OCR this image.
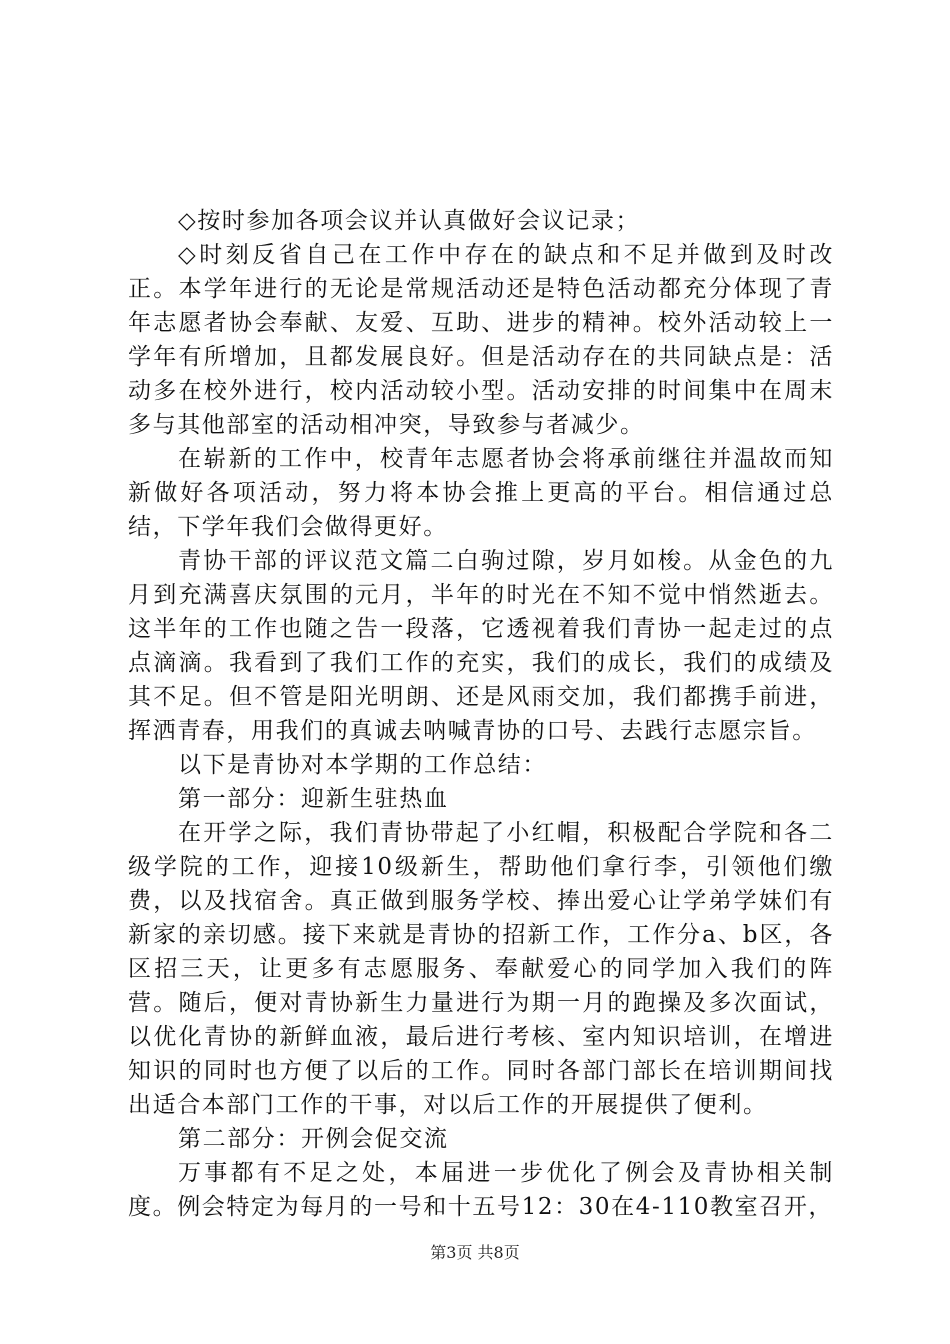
◇按时参加各项会议并认真做好会议记录；

◇时刻反省自己在工作中存在的缺点和不足并做到及时改正。本学年进行的无论是常规活动还是特色活动都充分体现了青年志愿者协会奉献、友爱、互助、进步的精神。校外活动较上一学年有所增加，且都发展良好。但是活动存在的共同缺点是：活动多在校外进行，校内活动较小型。活动安排的时间集中在周末多与其他部室的活动相冲突，导致参与者减少。

在崭新的工作中，校青年志愿者协会将承前继往并温故而知新做好各项活动，努力将本协会推上更高的平台。相信通过总结，下学年我们会做得更好。

青协干部的评议范文篇二白驹过隙，岁月如梭。从金色的九月到充满喜庆氛围的元月，半年的时光在不知不觉中悄然逝去。这半年的工作也随之告一段落，它透视着我们青协一起走过的点点滴滴。我看到了我们工作的充实，我们的成长，我们的成绩及其不足。但不管是阳光明朗、还是风雨交加，我们都携手前进，挥洒青春，用我们的真诚去呐喊青协的口号、去践行志愿宗旨。

以下是青协对本学期的工作总结：

第一部分：迎新生驻热血

在开学之际，我们青协带起了小红帽，积极配合学院和各二级学院的工作，迎接10级新生，帮助他们拿行李，引领他们缴费，以及找宿舍。真正做到服务学校、捧出爱心让学弟学妹们有新家的亲切感。接下来就是青协的招新工作，工作分a、b区，各区招三天，让更多有志愿服务、奉献爱心的同学加入我们的阵营。随后，便对青协新生力量进行为期一月的跑操及多次面试，以优化青协的新鲜血液，最后进行考核、室内知识培训，在增进知识的同时也方便了以后的工作。同时各部门部长在培训期间找出适合本部门工作的干事，对以后工作的开展提供了便利。

第二部分：开例会促交流

万事都有不足之处，本届进一步优化了例会及青协相关制度。例会特定为每月的一号和十五号12：30在4-110教室召开，

第3页 共8页
